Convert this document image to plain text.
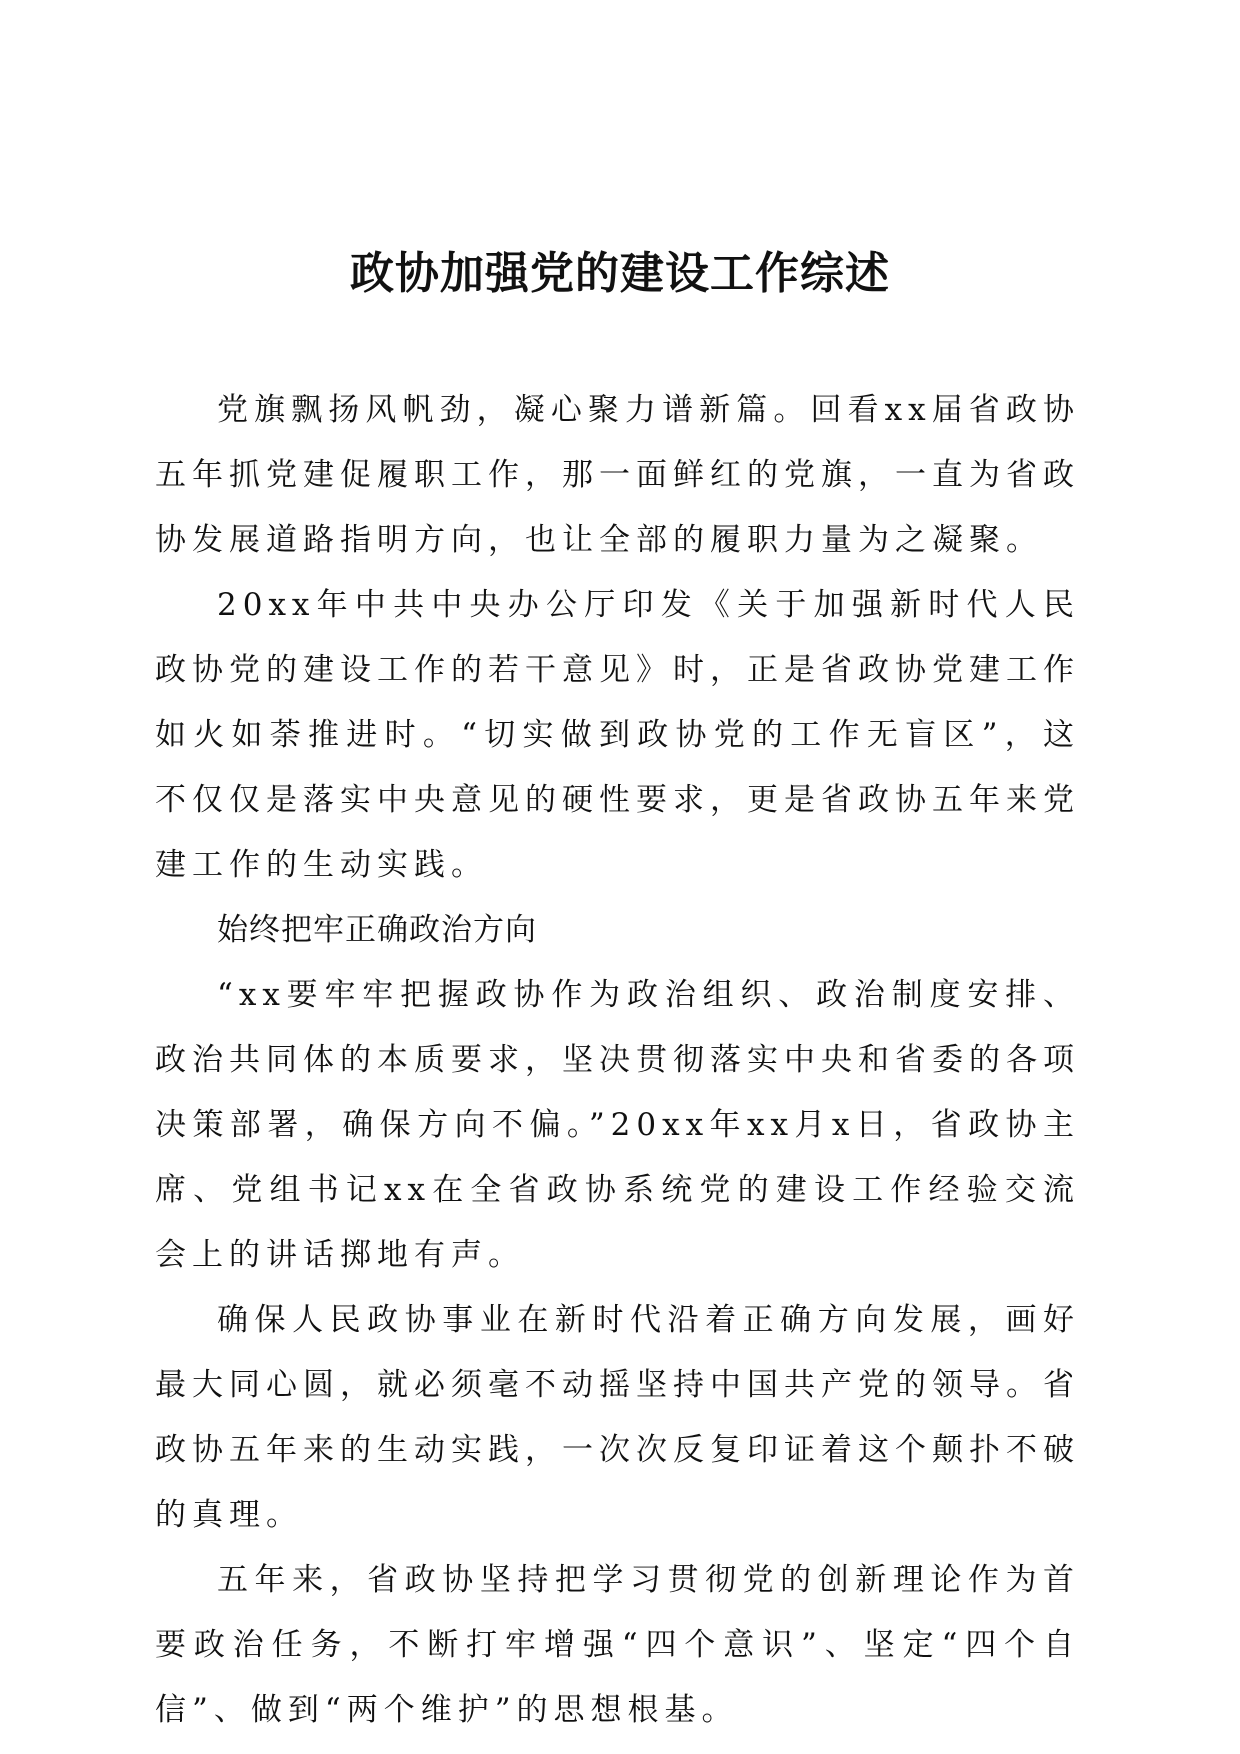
政协加强党的建设工作综述

党旗飘扬风帆劲，凝心聚力谱新篇。回看xx届省政协五年抓党建促履职工作，那一面鲜红的党旗，一直为省政协发展道路指明方向，也让全部的履职力量为之凝聚。

20xx年中共中央办公厅印发《关于加强新时代人民政协党的建设工作的若干意见》时，正是省政协党建工作如火如荼推进时。“切实做到政协党的工作无盲区”，这不仅仅是落实中央意见的硬性要求，更是省政协五年来党建工作的生动实践。

始终把牢正确政治方向

“xx要牢牢把握政协作为政治组织、政治制度安排、政治共同体的本质要求，坚决贯彻落实中央和省委的各项决策部署，确保方向不偏。”20xx年xx月x日，省政协主席、党组书记xx在全省政协系统党的建设工作经验交流会上的讲话掷地有声。

确保人民政协事业在新时代沿着正确方向发展，画好最大同心圆，就必须毫不动摇坚持中国共产党的领导。省政协五年来的生动实践，一次次反复印证着这个颠扑不破的真理。

五年来，省政协坚持把学习贯彻党的创新理论作为首要政治任务，不断打牢增强“四个意识”、坚定“四个自信”、做到“两个维护”的思想根基。
